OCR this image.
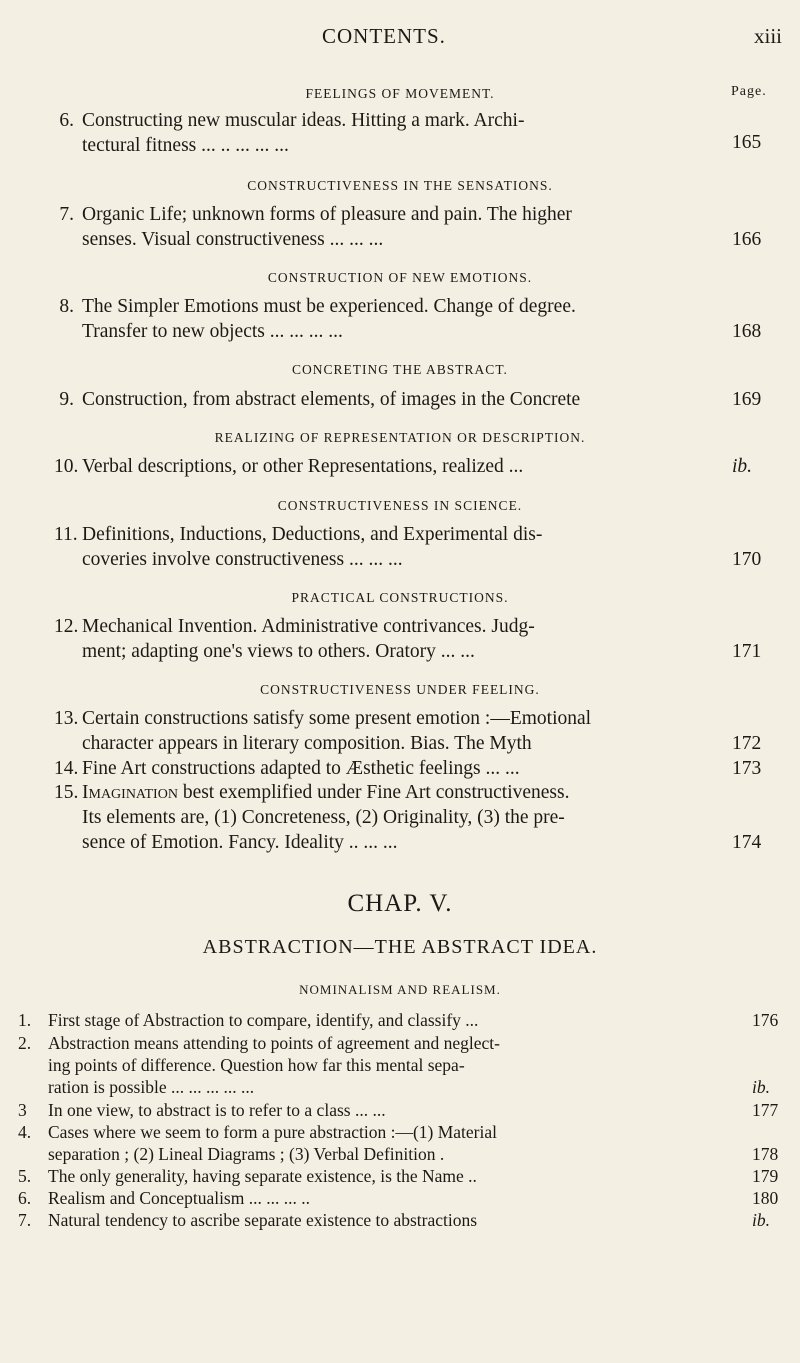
CONTENTS.	xiii
FEELINGS OF MOVEMENT.	Page.
6. Constructing new muscular ideas. Hitting a mark. Archi-
tectural fitness ... .. ... ... ...	165
CONSTRUCTIVENESS IN THE SENSATIONS.
7. Organic Life; unknown forms of pleasure and pain. The higher
senses. Visual constructiveness ... ... ...	166
CONSTRUCTION OF NEW EMOTIONS.
8. The Simpler Emotions must be experienced. Change of degree.
Transfer to new objects ... ... ... ...	168
CONCRETING THE ABSTRACT.
9. Construction, from abstract elements, of images in the Concrete	169
REALIZING OF REPRESENTATION OR DESCRIPTION.
10. Verbal descriptions, or other Representations, realized ...	ib.
CONSTRUCTIVENESS IN SCIENCE.
11. Definitions, Inductions, Deductions, and Experimental dis-
coveries involve constructiveness ... ... ...	170
PRACTICAL CONSTRUCTIONS.
12. Mechanical Invention. Administrative contrivances. Judg-
ment; adapting one's views to others. Oratory ... ...	171
CONSTRUCTIVENESS UNDER FEELING.
13. Certain constructions satisfy some present emotion :—Emotional
character appears in literary composition. Bias. The Myth	172
14. Fine Art constructions adapted to Æsthetic feelings ... ...	173
15. Imagination best exemplified under Fine Art constructiveness.
Its elements are, (1) Concreteness, (2) Originality, (3) the pre-
sence of Emotion. Fancy. Ideality .. ... ...	174
CHAP. V.
ABSTRACTION—THE ABSTRACT IDEA.
NOMINALISM AND REALISM.
1. First stage of Abstraction to compare, identify, and classify ...	176
2. Abstraction means attending to points of agreement and neglect-
ing points of difference. Question how far this mental sepa-
ration is possible ... ... ... ... ...	ib.
3	In one view, to abstract is to refer to a class ... ...	177
4. Cases where we seem to form a pure abstraction :—(1) Material
separation ; (2) Lineal Diagrams ; (3) Verbal Definition .	178
5. The only generality, having separate existence, is the Name ..	179
6. Realism and Conceptualism ... ... ... ..	180
7. Natural tendency to ascribe separate existence to abstractions	ib.
